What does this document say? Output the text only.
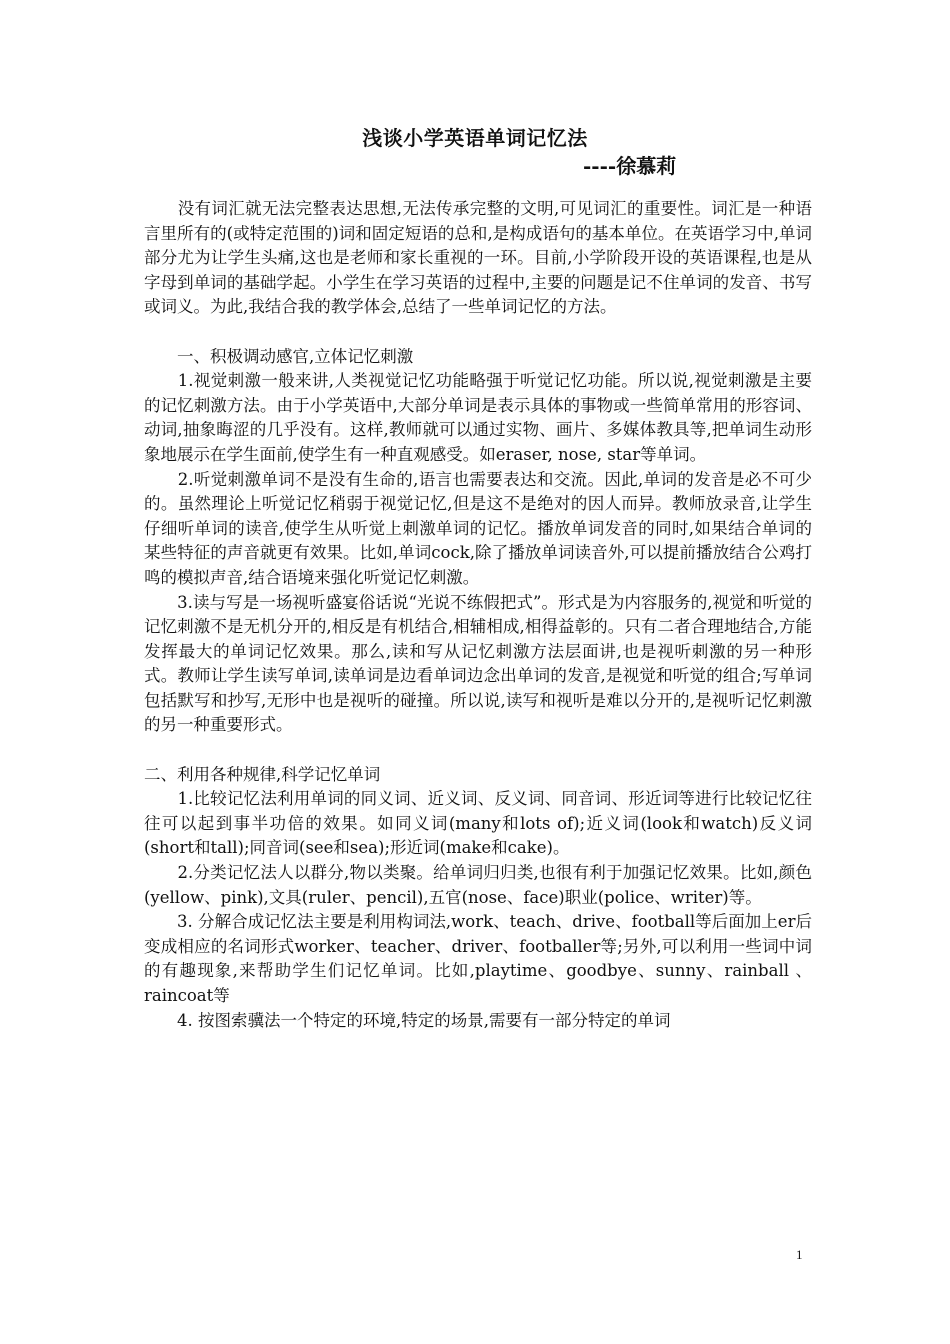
浅谈小学英语单词记忆法
----徐慕莉

　　没有词汇就无法完整表达思想,无法传承完整的文明,可见词汇的重要性。词汇是一种语言里所有的(或特定范围的)词和固定短语的总和,是构成语句的基本单位。在英语学习中,单词部分尤为让学生头痛,这也是老师和家长重视的一环。目前,小学阶段开设的英语课程,也是从字母到单词的基础学起。小学生在学习英语的过程中,主要的问题是记不住单词的发音、书写或词义。为此,我结合我的教学体会,总结了一些单词记忆的方法。

　　一、积极调动感官,立体记忆刺激

　　1.视觉刺激一般来讲,人类视觉记忆功能略强于听觉记忆功能。所以说,视觉刺激是主要的记忆刺激方法。由于小学英语中,大部分单词是表示具体的事物或一些简单常用的形容词、动词,抽象晦涩的几乎没有。这样,教师就可以通过实物、画片、多媒体教具等,把单词生动形象地展示在学生面前,使学生有一种直观感受。如eraser, nose, star等单词。

　　2.听觉刺激单词不是没有生命的,语言也需要表达和交流。因此,单词的发音是必不可少的。虽然理论上听觉记忆稍弱于视觉记忆,但是这不是绝对的因人而异。教师放录音,让学生仔细听单词的读音,使学生从听觉上刺激单词的记忆。播放单词发音的同时,如果结合单词的某些特征的声音就更有效果。比如,单词cock,除了播放单词读音外,可以提前播放结合公鸡打鸣的模拟声音,结合语境来强化听觉记忆刺激。

　　3.读与写是一场视听盛宴俗话说“光说不练假把式”。形式是为内容服务的,视觉和听觉的记忆刺激不是无机分开的,相反是有机结合,相辅相成,相得益彰的。只有二者合理地结合,方能发挥最大的单词记忆效果。那么,读和写从记忆刺激方法层面讲,也是视听刺激的另一种形式。教师让学生读写单词,读单词是边看单词边念出单词的发音,是视觉和听觉的组合;写单词包括默写和抄写,无形中也是视听的碰撞。所以说,读写和视听是难以分开的,是视听记忆刺激的另一种重要形式。

二、利用各种规律,科学记忆单词

　　1.比较记忆法利用单词的同义词、近义词、反义词、同音词、形近词等进行比较记忆往往可以起到事半功倍的效果。如同义词(many和lots of);近义词(look和watch)反义词(short和tall);同音词(see和sea);形近词(make和cake)。

　　2.分类记忆法人以群分,物以类聚。给单词归归类,也很有利于加强记忆效果。比如,颜色(yellow、pink),文具(ruler、pencil),五官(nose、face)职业(police、writer)等。

　　3. 分解合成记忆法主要是利用构词法,work、teach、drive、football等后面加上er后变成相应的名词形式worker、teacher、driver、footballer等;另外,可以利用一些词中词的有趣现象,来帮助学生们记忆单词。比如,playtime、goodbye、sunny、rainball 、raincoat等

　　4. 按图索骥法一个特定的环境,特定的场景,需要有一部分特定的单词

1
